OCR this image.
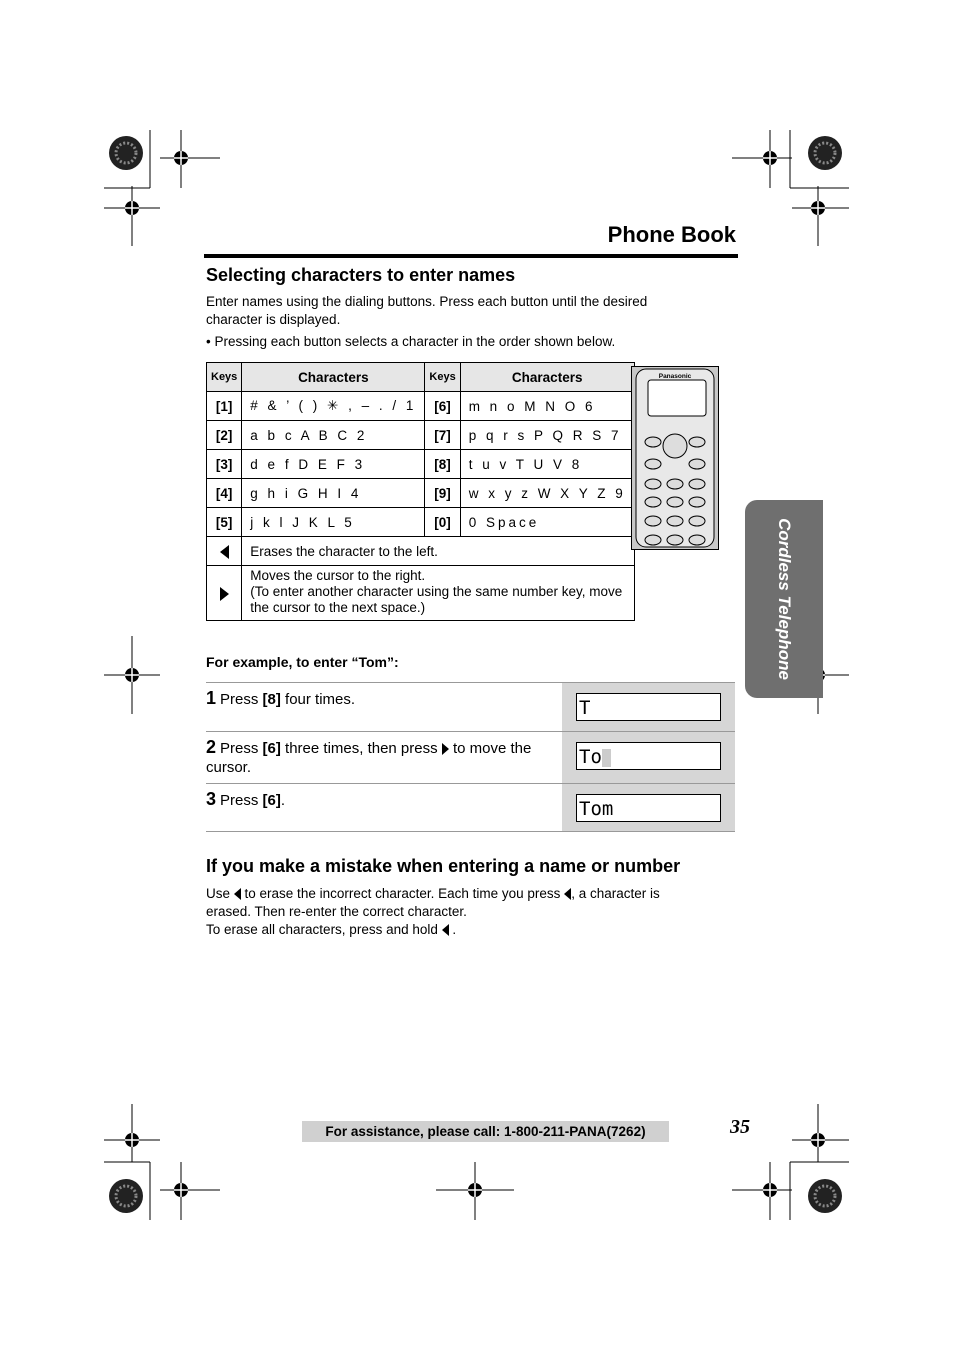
Phone Book
Selecting characters to enter names
Enter names using the dialing buttons. Press each button until the desired character is displayed.
• Pressing each button selects a character in the order shown below.
Keys	Characters	Keys	Characters
[1]	# & ’ ( ) ✳ , – . / 1	[6]	m n o M N O 6
[2]	a b c A B C 2	[7]	p q r s P Q R S 7
[3]	d e f D E F 3	[8]	t u v T U V 8
[4]	g h i G H I 4	[9]	w x y z W X Y Z 9
[5]	j k l J K L 5	[0]	0 Space
	Erases the character to the left.		

	Moves the cursor to the right.
(To enter another character using the same number key, move the cursor to the next space.)		
Panasonic
For example, to enter “Tom”:
1 Press [8] four times.	T
2 Press [6] three times, then press  to move the cursor.	To
3 Press [6].	Tom
If you make a mistake when entering a name or number
Use  to erase the incorrect character. Each time you press , a character is
erased. Then re-enter the correct character.
To erase all characters, press and hold .
Cordless Telephone
For assistance, please call: 1-800-211-PANA(7262)	35
